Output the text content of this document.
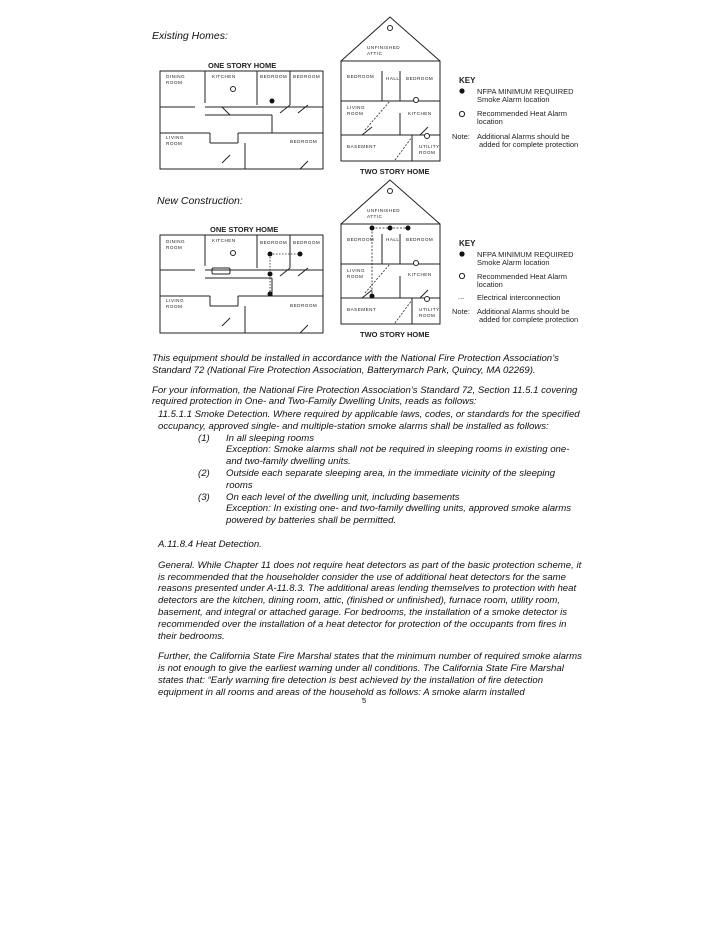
Existing Homes:
ONE STORY HOME
DINING
ROOM
KITCHEN	BEDROOM BEDROOM
LIVING
ROOM	BEDROOM
UNFINISHED
ATTIC
BEDROOM	HALL BEDROOM
LIVING
ROOM	KITCHEN
BASEMENT	UTILITY
ROOM
TWO STORY HOME
KEY
NFPA MINIMUM REQUIRED
Smoke Alarm location
Recommended Heat Alarm
location
Note: Additional Alarms should be
added for complete protection
New Construction:
ONE STORY HOME
DINING
ROOM
KITCHEN	BEDROOM BEDROOM
LIVING
ROOM	BEDROOM
UNFINISHED
ATTIC
BEDROOM	HALL BEDROOM
LIVING
ROOM	KITCHEN
BASEMENT	UTILITY
ROOM
TWO STORY HOME
KEY
NFPA MINIMUM REQUIRED
Smoke Alarm location
Recommended Heat Alarm
location
... Electrical interconnection
Note: Additional Alarms should be
added for complete protection

This equipment should be installed in accordance with the National Fire Protection Association’s Standard 72 (National Fire Protection Association, Batterymarch Park, Quincy, MA 02269).

For your information, the National Fire Protection Association’s Standard 72, Section 11.5.1 covering required protection in One- and Two-Family Dwelling Units, reads as follows:

11.5.1.1 Smoke Detection. Where required by applicable laws, codes, or standards for the specified occupancy, approved single- and multiple-station smoke alarms shall be installed as follows:

(1)	In all sleeping rooms
Exception: Smoke alarms shall not be required in sleeping rooms in existing one- and two-family dwelling units.
(2)	Outside each separate sleeping area, in the immediate vicinity of the sleeping rooms
(3)	On each level of the dwelling unit, including basements
Exception: In existing one- and two-family dwelling units, approved smoke alarms powered by batteries shall be permitted.

A.11.8.4 Heat Detection.

General. While Chapter 11 does not require heat detectors as part of the basic protection scheme, it is recommended that the householder consider the use of additional heat detectors for the same reasons presented under A-11.8.3. The additional areas lending themselves to protection with heat detectors are the kitchen, dining room, attic, (finished or unfinished), furnace room, utility room, basement, and integral or attached garage. For bedrooms, the installation of a smoke detector is recommended over the installation of a heat detector for protection of the occupants from fires in their bedrooms.

Further, the California State Fire Marshal states that the minimum number of required smoke alarms is not enough to give the earliest warning under all conditions. The California State Fire Marshal states that: “Early warning fire detection is best achieved by the installation of fire detection equipment in all rooms and areas of the household as follows: A smoke alarm installed

5
